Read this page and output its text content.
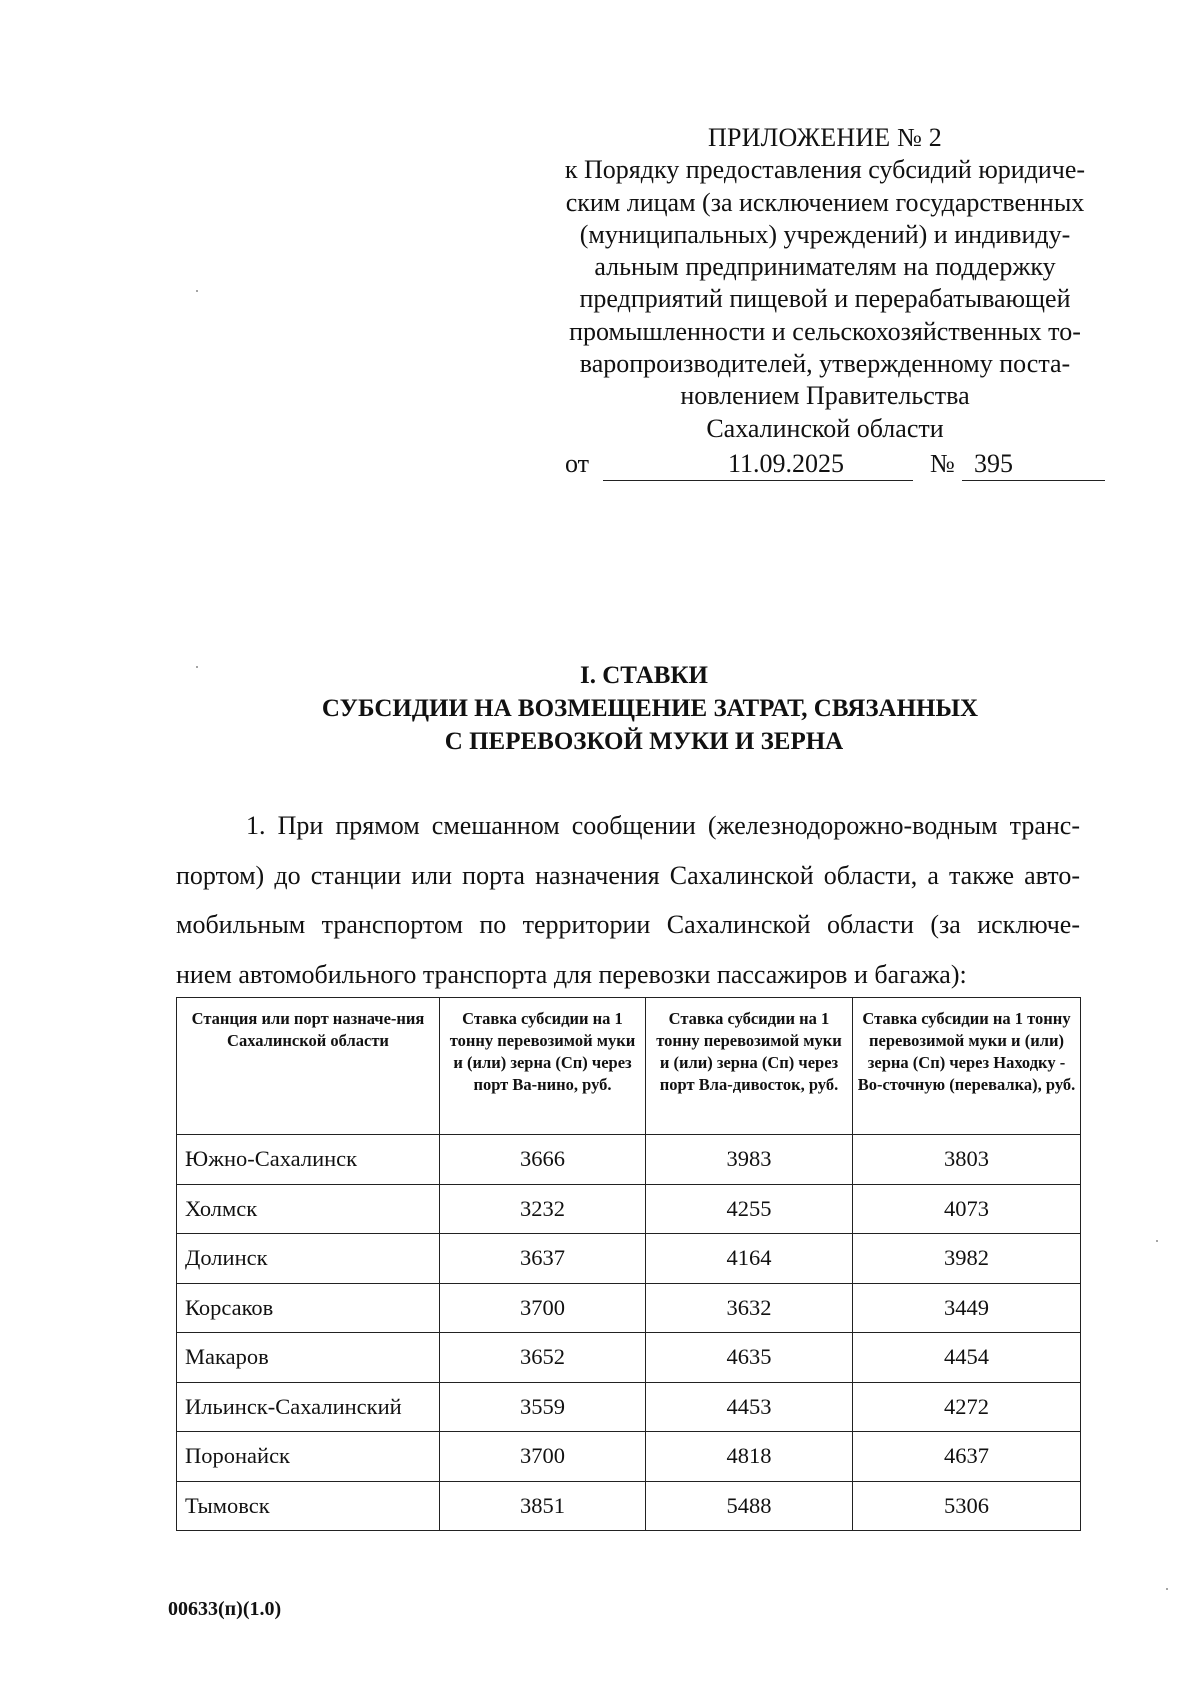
ПРИЛОЖЕНИЕ № 2
к Порядку предоставления субсидий юридиче-
ским лицам (за исключением государственных
(муниципальных) учреждений) и индивиду-
альным предпринимателям на поддержку
предприятий пищевой и перерабатывающей
промышленности и сельскохозяйственных то-
варопроизводителей, утвержденному поста-
новлением Правительства
Сахалинской области
от	11.09.2025	№ 395
I. СТАВКИ
СУБСИДИИ НА ВОЗМЕЩЕНИЕ ЗАТРАТ, СВЯЗАННЫХ
С ПЕРЕВОЗКОЙ МУКИ И ЗЕРНА
1. При прямом смешанном сообщении (железнодорожно-водным транс-
портом) до станции или порта назначения Сахалинской области, а также авто-
мобильным транспортом по территории Сахалинской области (за исключе-
нием автомобильного транспорта для перевозки пассажиров и багажа):
Станция или порт назначе-ния Сахалинской области	Ставка субсидии на 1 тонну перевозимой муки и (или) зерна (Сп) через порт Ва-нино, руб.	Ставка субсидии на 1 тонну перевозимой муки и (или) зерна (Сп) через порт Вла-дивосток, руб.	Ставка субсидии на 1 тонну перевозимой муки и (или) зерна (Сп) через Находку - Во-сточную (перевалка), руб.
Южно-Сахалинск	3666	3983	3803
Холмск	3232	4255	4073
Долинск	3637	4164	3982
Корсаков	3700	3632	3449
Макаров	3652	4635	4454
Ильинск-Сахалинский	3559	4453	4272
Поронайск	3700	4818	4637
Тымовск	3851	5488	5306
00633(п)(1.0)
